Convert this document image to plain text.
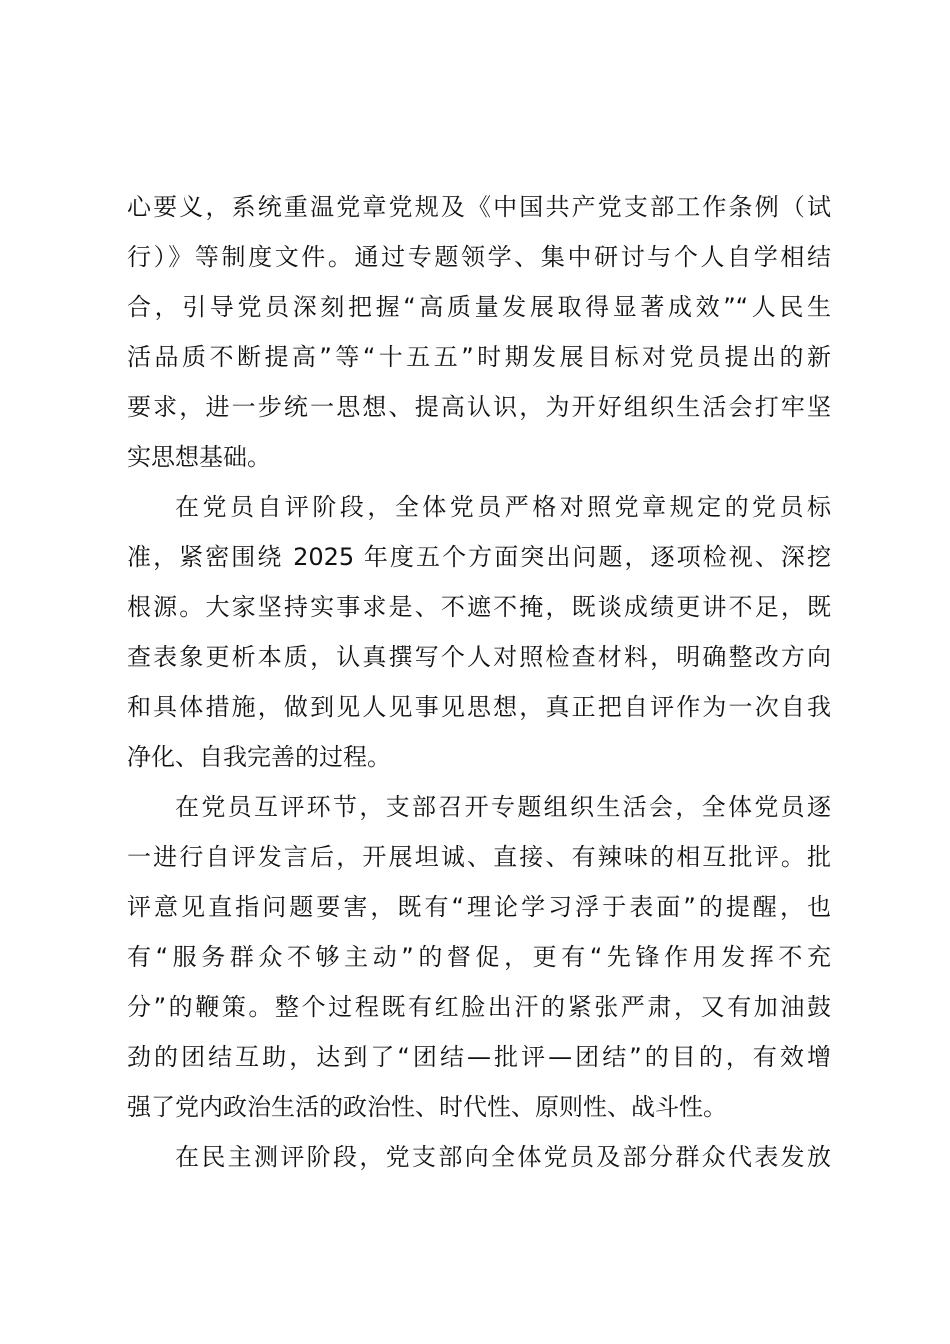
心要义，系统重温党章党规及《中国共产党支部工作条例（试
行）》等制度文件。通过专题领学、集中研讨与个人自学相结
合，引导党员深刻把握“高质量发展取得显著成效”“人民生
活品质不断提高”等“十五五”时期发展目标对党员提出的新
要求，进一步统一思想、提高认识，为开好组织生活会打牢坚
实思想基础。
在党员自评阶段，全体党员严格对照党章规定的党员标
准，紧密围绕 2025 年度五个方面突出问题，逐项检视、深挖
根源。大家坚持实事求是、不遮不掩，既谈成绩更讲不足，既
查表象更析本质，认真撰写个人对照检查材料，明确整改方向
和具体措施，做到见人见事见思想，真正把自评作为一次自我
净化、自我完善的过程。
在党员互评环节，支部召开专题组织生活会，全体党员逐
一进行自评发言后，开展坦诚、直接、有辣味的相互批评。批
评意见直指问题要害，既有“理论学习浮于表面”的提醒，也
有“服务群众不够主动”的督促，更有“先锋作用发挥不充
分”的鞭策。整个过程既有红脸出汗的紧张严肃，又有加油鼓
劲的团结互助，达到了“团结—批评—团结”的目的，有效增
强了党内政治生活的政治性、时代性、原则性、战斗性。
在民主测评阶段，党支部向全体党员及部分群众代表发放
